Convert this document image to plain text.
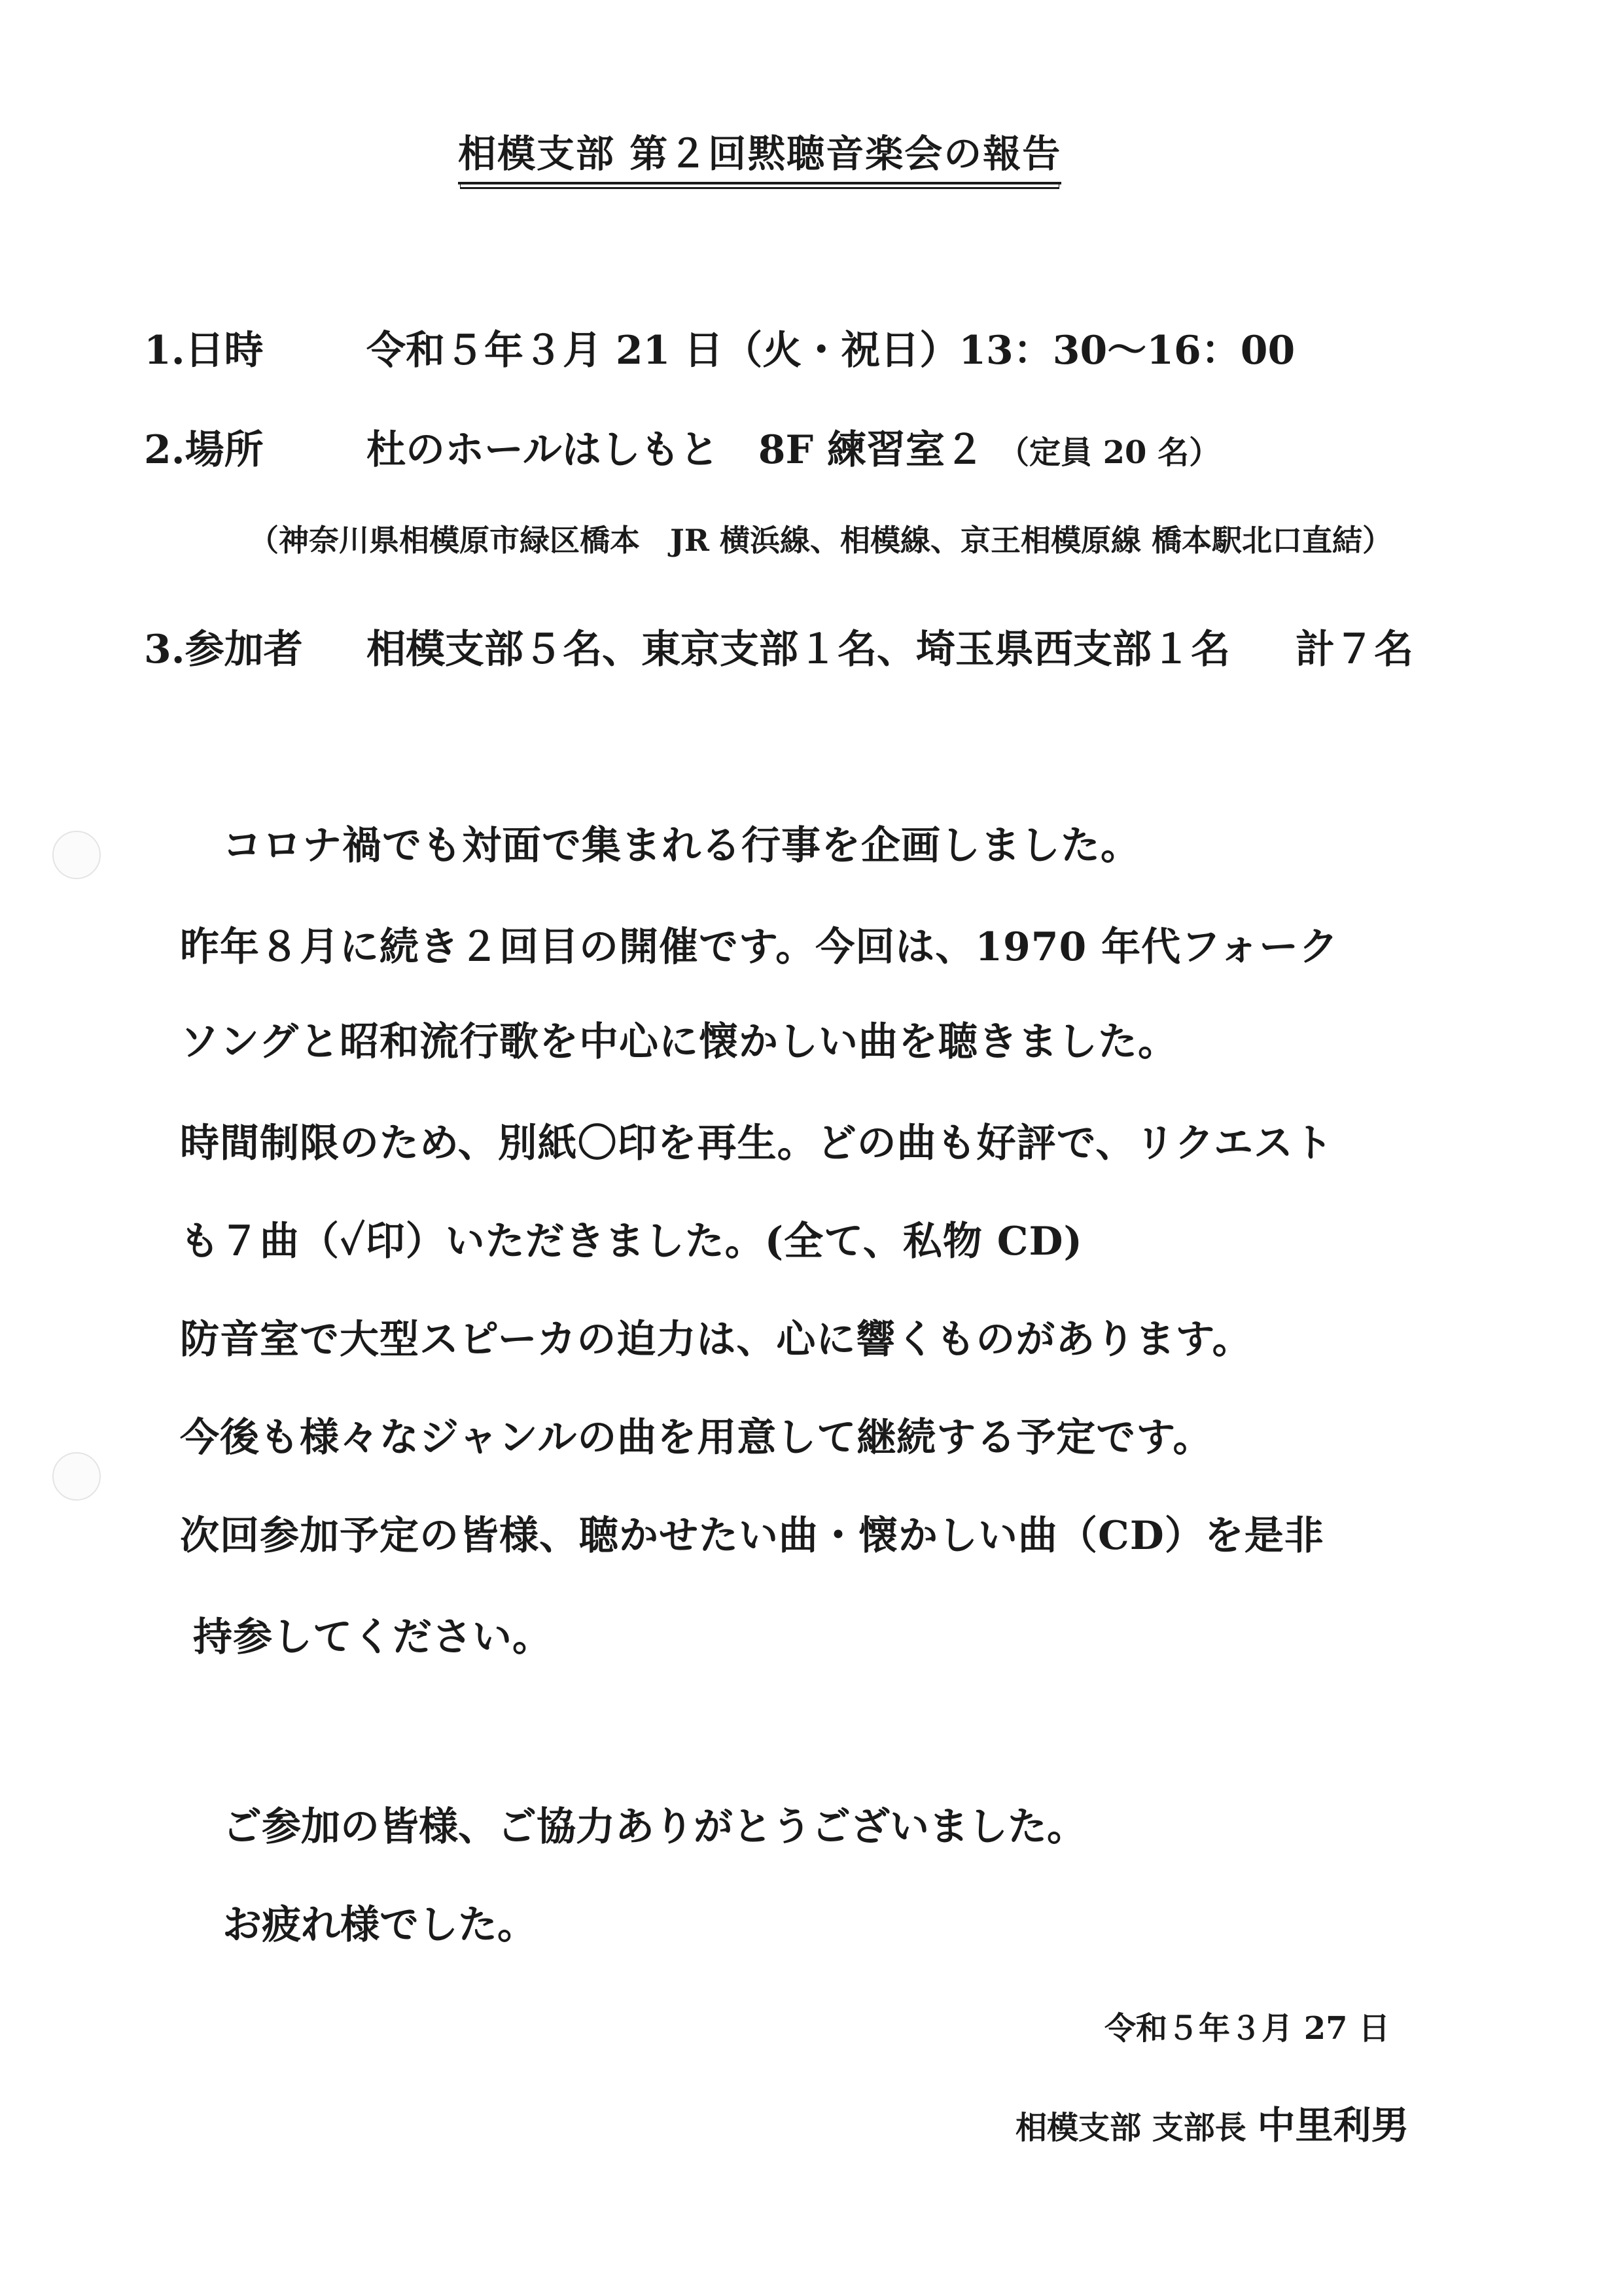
相模支部 第２回黙聴音楽会の報告
1.日時	令和５年３月 21 日（火・祝日）13：30～16：00
2.場所	杜のホールはしもと　8F 練習室２ （定員 20 名）
（神奈川県相模原市緑区橋本　JR 横浜線、相模線、京王相模原線 橋本駅北口直結）
3.参加者 相模支部５名、東京支部１名、埼玉県西支部１名 計７名
コロナ禍でも対面で集まれる行事を企画しました。
昨年８月に続き２回目の開催です。今回は、1970 年代フォーク
ソングと昭和流行歌を中心に懐かしい曲を聴きました。
時間制限のため、別紙〇印を再生。どの曲も好評で、リクエスト
も７曲（✓印）いただきました。(全て、私物 CD)
防音室で大型スピーカの迫力は、心に響くものがあります。
今後も様々なジャンルの曲を用意して継続する予定です。
次回参加予定の皆様、聴かせたい曲・懐かしい曲（CD）を是非
持参してください。
ご参加の皆様、ご協力ありがとうございました。
お疲れ様でした。
令和５年３月 27 日
相模支部 支部長 中里利男
